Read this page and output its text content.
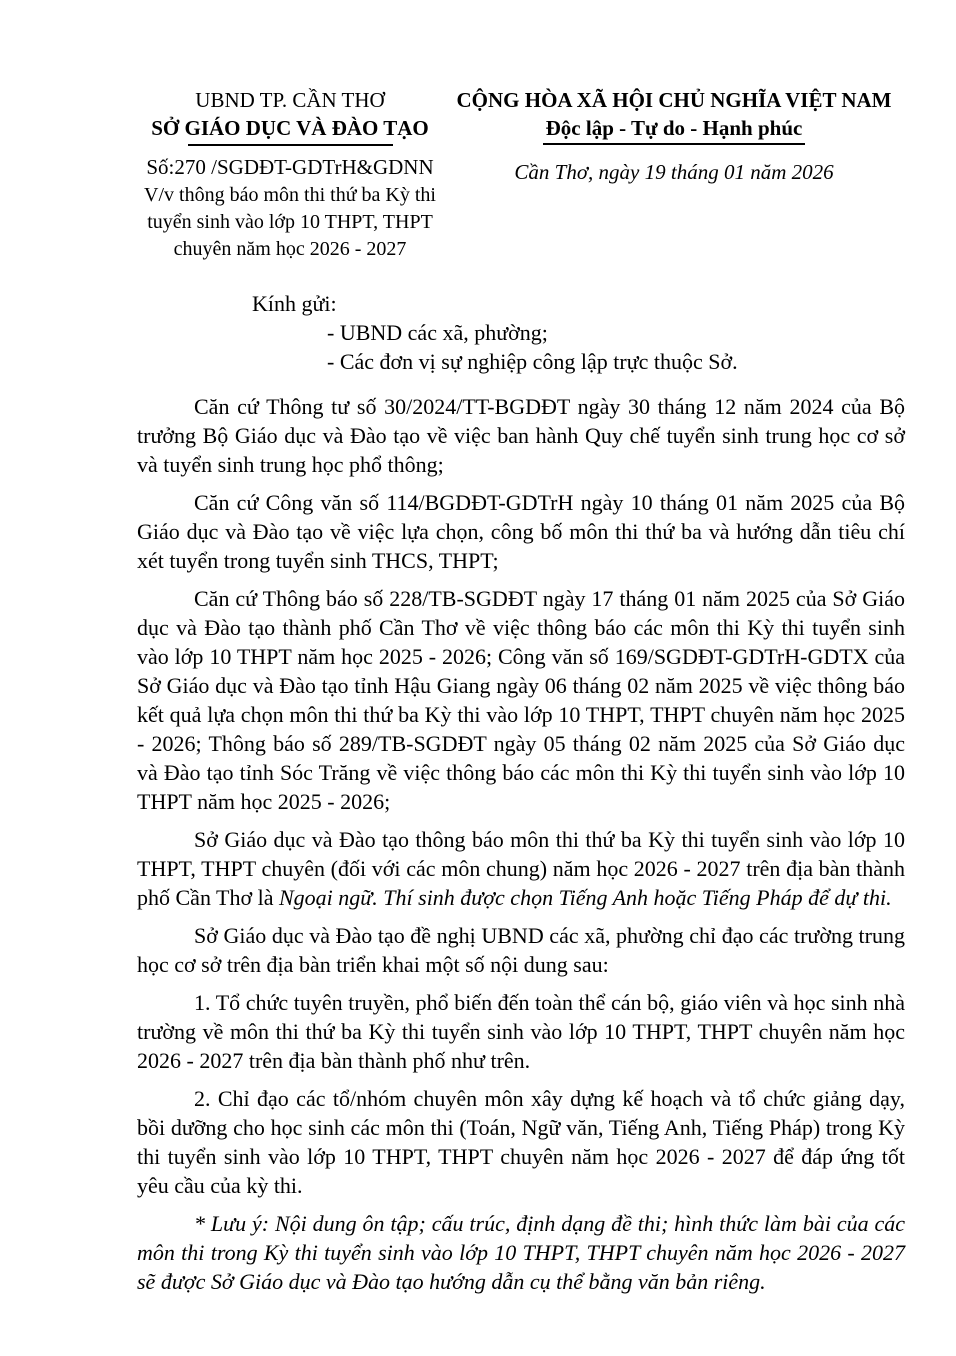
UBND TP. CẦN THƠ
SỞ GIÁO DỤC VÀ ĐÀO TẠO
Số:270 /SGDĐT-GDTrH&GDNN
V/v thông báo môn thi thứ ba Kỳ thi
tuyển sinh vào lớp 10 THPT, THPT
chuyên năm học 2026 - 2027
CỘNG HÒA XÃ HỘI CHỦ NGHĨA VIỆT NAM
Độc lập - Tự do - Hạnh phúc
Cần Thơ, ngày 19 tháng 01 năm 2026
Kính gửi:
- UBND các xã, phường;
- Các đơn vị sự nghiệp công lập trực thuộc Sở.

Căn cứ Thông tư số 30/2024/TT-BGDĐT ngày 30 tháng 12 năm 2024 của Bộ trưởng Bộ Giáo dục và Đào tạo về việc ban hành Quy chế tuyển sinh trung học cơ sở và tuyển sinh trung học phổ thông;

Căn cứ Công văn số 114/BGDĐT-GDTrH ngày 10 tháng 01 năm 2025 của Bộ Giáo dục và Đào tạo về việc lựa chọn, công bố môn thi thứ ba và hướng dẫn tiêu chí xét tuyển trong tuyển sinh THCS, THPT;

Căn cứ Thông báo số 228/TB-SGDĐT ngày 17 tháng 01 năm 2025 của Sở Giáo dục và Đào tạo thành phố Cần Thơ về việc thông báo các môn thi Kỳ thi tuyển sinh vào lớp 10 THPT năm học 2025 - 2026; Công văn số 169/SGDĐT-GDTrH-GDTX của Sở Giáo dục và Đào tạo tỉnh Hậu Giang ngày 06 tháng 02 năm 2025 về việc thông báo kết quả lựa chọn môn thi thứ ba Kỳ thi vào lớp 10 THPT, THPT chuyên năm học 2025 - 2026; Thông báo số 289/TB-SGDĐT ngày 05 tháng 02 năm 2025 của Sở Giáo dục và Đào tạo tỉnh Sóc Trăng về việc thông báo các môn thi Kỳ thi tuyển sinh vào lớp 10 THPT năm học 2025 - 2026;

Sở Giáo dục và Đào tạo thông báo môn thi thứ ba Kỳ thi tuyển sinh vào lớp 10 THPT, THPT chuyên (đối với các môn chung) năm học 2026 - 2027 trên địa bàn thành phố Cần Thơ là Ngoại ngữ. Thí sinh được chọn Tiếng Anh hoặc Tiếng Pháp để dự thi.

Sở Giáo dục và Đào tạo đề nghị UBND các xã, phường chỉ đạo các trường trung học cơ sở trên địa bàn triển khai một số nội dung sau:

1. Tổ chức tuyên truyền, phổ biến đến toàn thể cán bộ, giáo viên và học sinh nhà trường về môn thi thứ ba Kỳ thi tuyển sinh vào lớp 10 THPT, THPT chuyên năm học 2026 - 2027 trên địa bàn thành phố như trên.

2. Chỉ đạo các tổ/nhóm chuyên môn xây dựng kế hoạch và tổ chức giảng dạy, bồi dưỡng cho học sinh các môn thi (Toán, Ngữ văn, Tiếng Anh, Tiếng Pháp) trong Kỳ thi tuyển sinh vào lớp 10 THPT, THPT chuyên năm học 2026 - 2027 để đáp ứng tốt yêu cầu của kỳ thi.

* Lưu ý: Nội dung ôn tập; cấu trúc, định dạng đề thi; hình thức làm bài của các môn thi trong Kỳ thi tuyển sinh vào lớp 10 THPT, THPT chuyên năm học 2026 - 2027 sẽ được Sở Giáo dục và Đào tạo hướng dẫn cụ thể bằng văn bản riêng.
